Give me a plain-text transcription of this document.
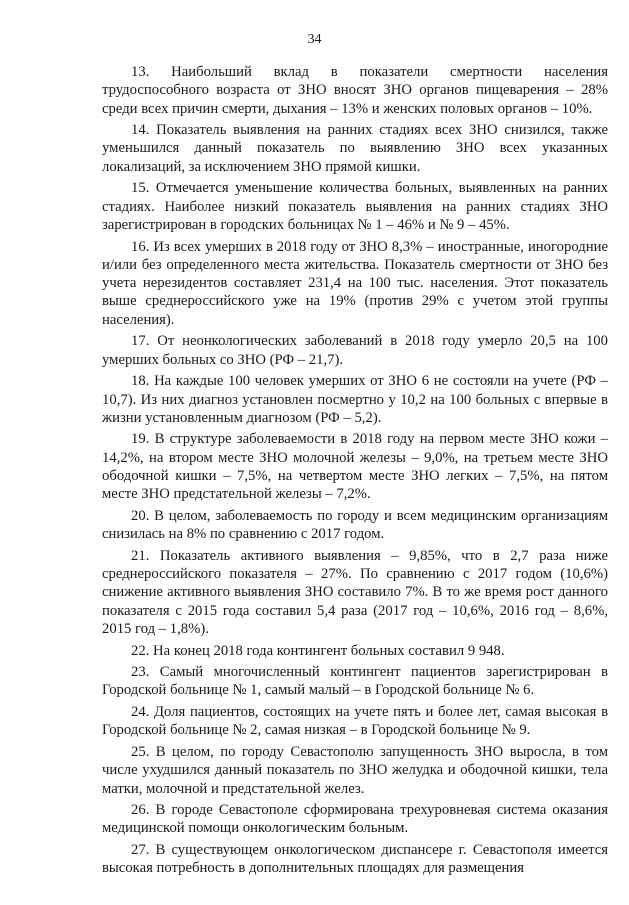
34

13. Наибольший вклад в показатели смертности населения трудоспособного возраста от ЗНО вносят ЗНО органов пищеварения – 28% среди всех причин смерти, дыхания – 13% и женских половых органов – 10%.

14. Показатель выявления на ранних стадиях всех ЗНО снизился, также уменьшился данный показатель по выявлению ЗНО всех указанных локализаций, за исключением ЗНО прямой кишки.

15. Отмечается уменьшение количества больных, выявленных на ранних стадиях. Наиболее низкий показатель выявления на ранних стадиях ЗНО зарегистрирован в городских больницах № 1 – 46% и № 9 – 45%.

16. Из всех умерших в 2018 году от ЗНО 8,3% – иностранные, иногородние и/или без определенного места жительства. Показатель смертности от ЗНО без учета нерезидентов составляет 231,4 на 100 тыс. населения. Этот показатель выше среднероссийского уже на 19% (против 29% с учетом этой группы населения).

17. От неонкологических заболеваний в 2018 году умерло 20,5 на 100 умерших больных со ЗНО (РФ – 21,7).

18. На каждые 100 человек умерших от ЗНО 6 не состояли на учете (РФ – 10,7). Из них диагноз установлен посмертно у 10,2 на 100 больных с впервые в жизни установленным диагнозом (РФ – 5,2).

19. В структуре заболеваемости в 2018 году на первом месте ЗНО кожи – 14,2%, на втором месте ЗНО молочной железы – 9,0%, на третьем месте ЗНО ободочной кишки – 7,5%, на четвертом месте ЗНО легких – 7,5%, на пятом месте ЗНО предстательной железы – 7,2%.

20. В целом, заболеваемость по городу и всем медицинским организациям снизилась на 8% по сравнению с 2017 годом.

21. Показатель активного выявления – 9,85%, что в 2,7 раза ниже среднероссийского показателя – 27%. По сравнению с 2017 годом (10,6%) снижение активного выявления ЗНО составило 7%. В то же время рост данного показателя с 2015 года составил 5,4 раза (2017 год – 10,6%, 2016 год – 8,6%, 2015 год – 1,8%).

22. На конец 2018 года контингент больных составил 9 948.

23. Самый многочисленный контингент пациентов зарегистрирован в Городской больнице № 1, самый малый – в Городской больнице № 6.

24. Доля пациентов, состоящих на учете пять и более лет, самая высокая в Городской больнице № 2, самая низкая – в Городской больнице № 9.

25. В целом, по городу Севастополю запущенность ЗНО выросла, в том числе ухудшился данный показатель по ЗНО желудка и ободочной кишки, тела матки, молочной и предстательной желез.

26. В городе Севастополе сформирована трехуровневая система оказания медицинской помощи онкологическим больным.

27. В существующем онкологическом диспансере г. Севастополя имеется высокая потребность в дополнительных площадях для размещения
